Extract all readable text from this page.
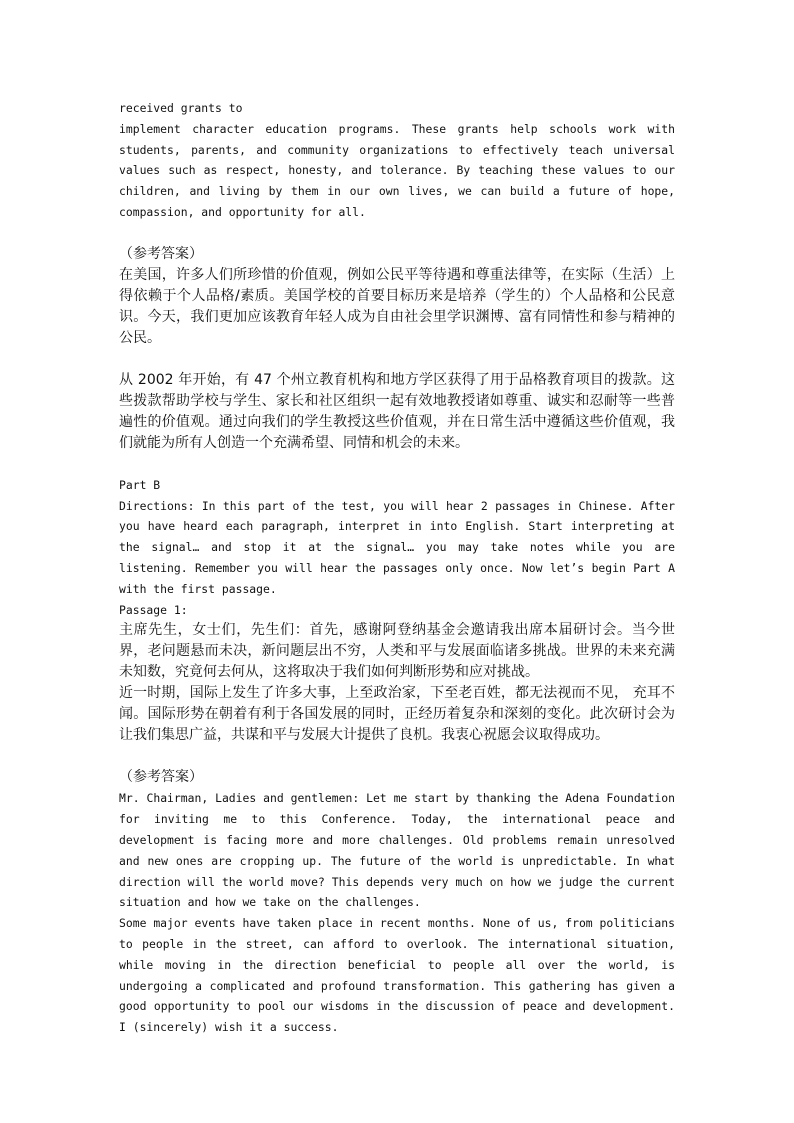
received grants to

implement character education programs. These grants help schools work with students, parents, and community organizations to effectively teach universal values such as respect, honesty, and tolerance. By teaching these values to our children, and living by them in our own lives, we can build a future of hope, compassion, and opportunity for all.

（参考答案）

在美国，许多人们所珍惜的价值观，例如公民平等待遇和尊重法律等，在实际（生活）上得依赖于个人品格/素质。美国学校的首要目标历来是培养（学生的）个人品格和公民意识。今天，我们更加应该教育年轻人成为自由社会里学识渊博、富有同情性和参与精神的公民。

从 2002 年开始，有 47 个州立教育机构和地方学区获得了用于品格教育项目的拨款。这些拨款帮助学校与学生、家长和社区组织一起有效地教授诸如尊重、诚实和忍耐等一些普遍性的价值观。通过向我们的学生教授这些价值观，并在日常生活中遵循这些价值观，我们就能为所有人创造一个充满希望、同情和机会的未来。

Part B

Directions: In this part of the test, you will hear 2 passages in Chinese. After you have heard each paragraph, interpret in into English. Start interpreting at the signal… and stop it at the signal… you may take notes while you are listening. Remember you will hear the passages only once. Now let’s begin Part A with the first passage.

Passage 1:

主席先生，女士们，先生们：首先，感谢阿登纳基金会邀请我出席本届研讨会。当今世界，老问题悬而未决，新问题层出不穷，人类和平与发展面临诸多挑战。世界的未来充满未知数，究竟何去何从，这将取决于我们如何判断形势和应对挑战。

近一时期，国际上发生了许多大事，上至政治家，下至老百姓，都无法视而不见， 充耳不闻。国际形势在朝着有利于各国发展的同时，正经历着复杂和深刻的变化。此次研讨会为让我们集思广益，共谋和平与发展大计提供了良机。我衷心祝愿会议取得成功。

（参考答案）

Mr. Chairman, Ladies and gentlemen: Let me start by thanking the Adena Foundation for inviting me to this Conference. Today, the international peace and development is facing more and more challenges. Old problems remain unresolved and new ones are cropping up. The future of the world is unpredictable. In what direction will the world move? This depends very much on how we judge the current situation and how we take on the challenges.

Some major events have taken place in recent months. None of us, from politicians to people in the street, can afford to overlook. The international situation, while moving in the direction beneficial to people all over the world, is undergoing a complicated and profound transformation. This gathering has given a good opportunity to pool our wisdoms in the discussion of peace and development. I (sincerely) wish it a success.
